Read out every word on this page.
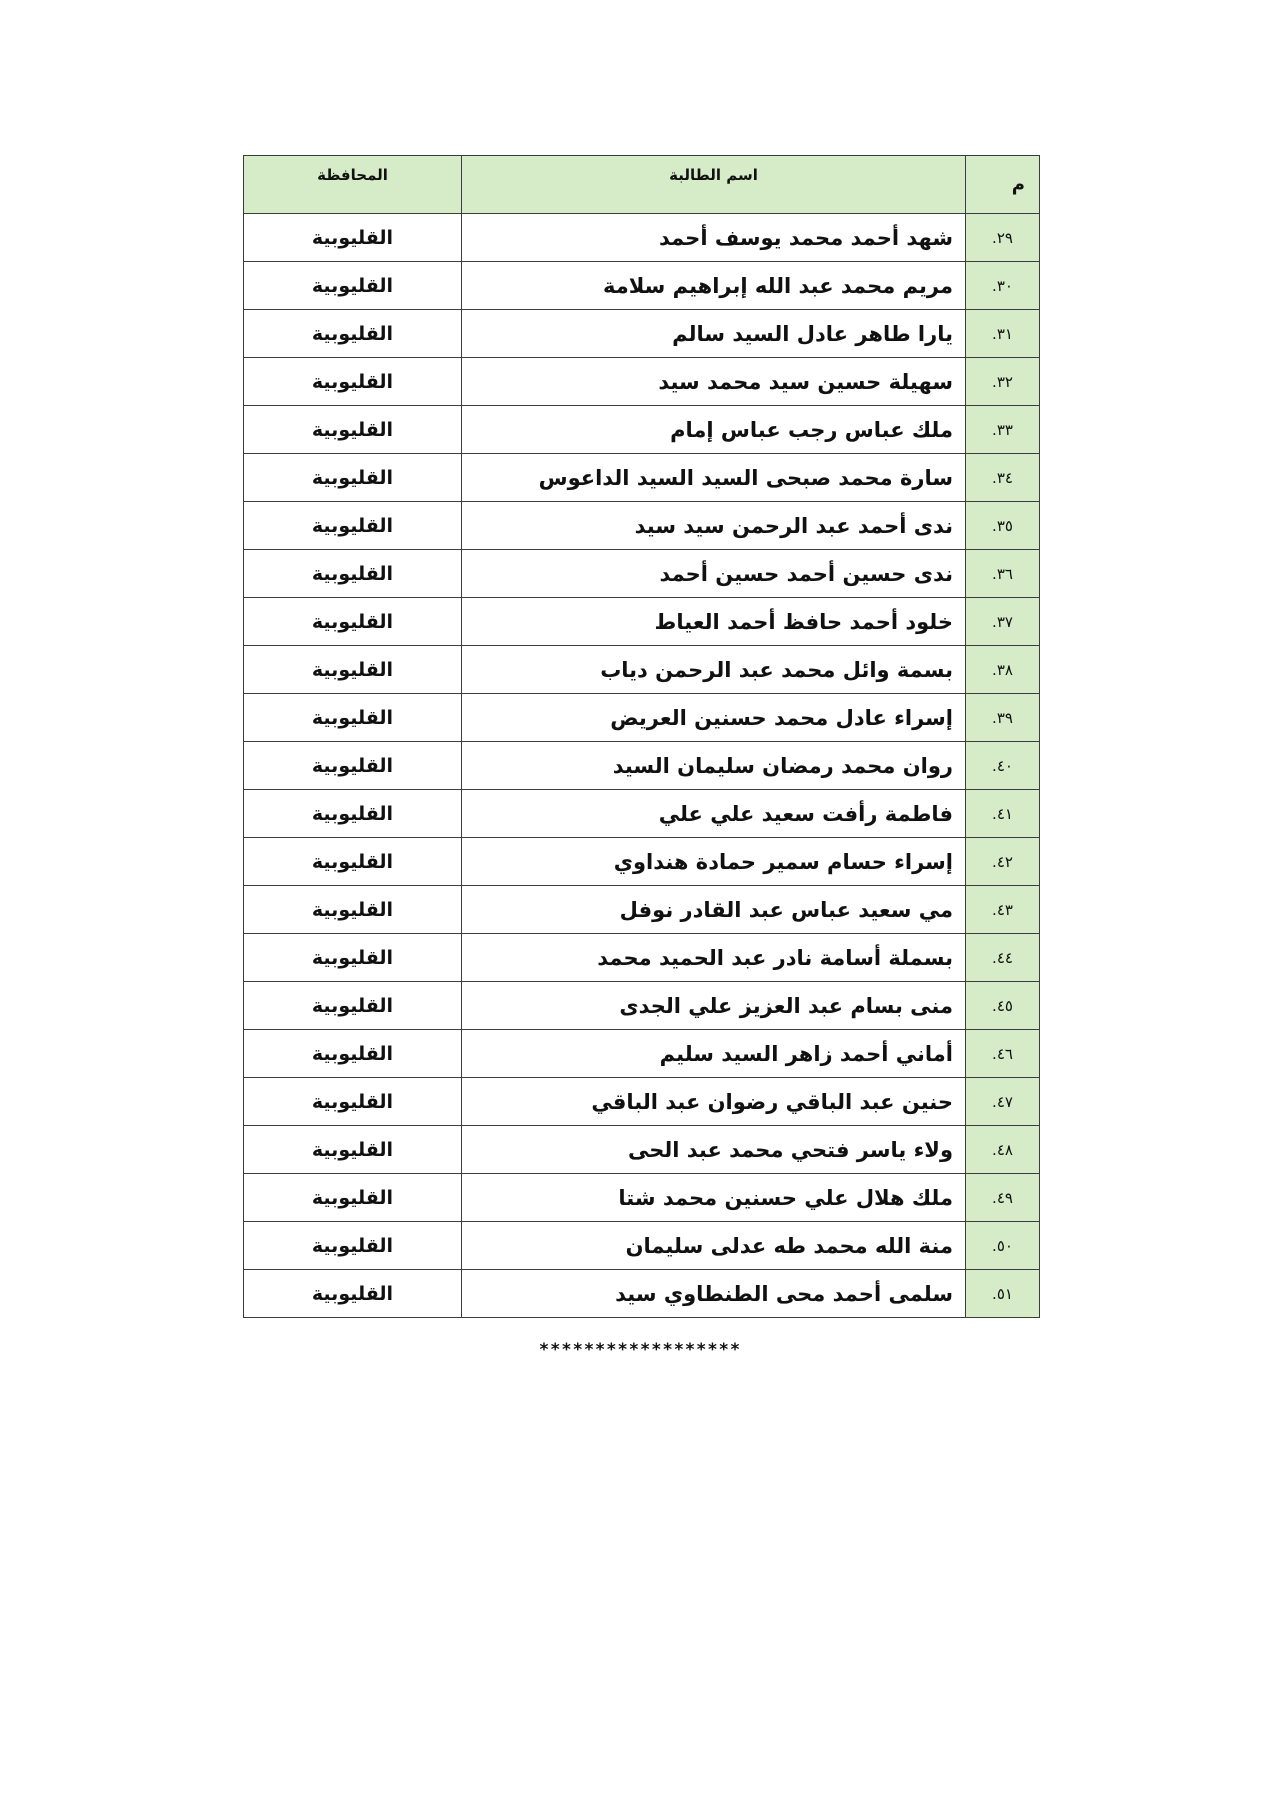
م	اسم الطالبة	المحافظة
٢٩.	شهد أحمد محمد يوسف أحمد	القليوبية
٣٠.	مريم محمد عبد الله إبراهيم سلامة	القليوبية
٣١.	يارا طاهر عادل السيد سالم	القليوبية
٣٢.	سهيلة حسين سيد محمد سيد	القليوبية
٣٣.	ملك عباس رجب عباس إمام	القليوبية
٣٤.	سارة محمد صبحى السيد السيد الداعوس	القليوبية
٣٥.	ندى أحمد عبد الرحمن سيد سيد	القليوبية
٣٦.	ندى حسين أحمد حسين أحمد	القليوبية
٣٧.	خلود أحمد حافظ أحمد العياط	القليوبية
٣٨.	بسمة وائل محمد عبد الرحمن دياب	القليوبية
٣٩.	إسراء عادل محمد حسنين العريض	القليوبية
٤٠.	روان محمد رمضان سليمان السيد	القليوبية
٤١.	فاطمة رأفت سعيد علي علي	القليوبية
٤٢.	إسراء حسام سمير حمادة هنداوي	القليوبية
٤٣.	مي سعيد عباس عبد القادر نوفل	القليوبية
٤٤.	بسملة أسامة نادر عبد الحميد محمد	القليوبية
٤٥.	منى بسام عبد العزيز علي الجدى	القليوبية
٤٦.	أماني أحمد زاهر السيد سليم	القليوبية
٤٧.	حنين عبد الباقي رضوان عبد الباقي	القليوبية
٤٨.	ولاء ياسر فتحي محمد عبد الحى	القليوبية
٤٩.	ملك هلال علي حسنين محمد شتا	القليوبية
٥٠.	منة الله محمد طه عدلى سليمان	القليوبية
٥١.	سلمى أحمد محى الطنطاوي سيد	القليوبية
******************
